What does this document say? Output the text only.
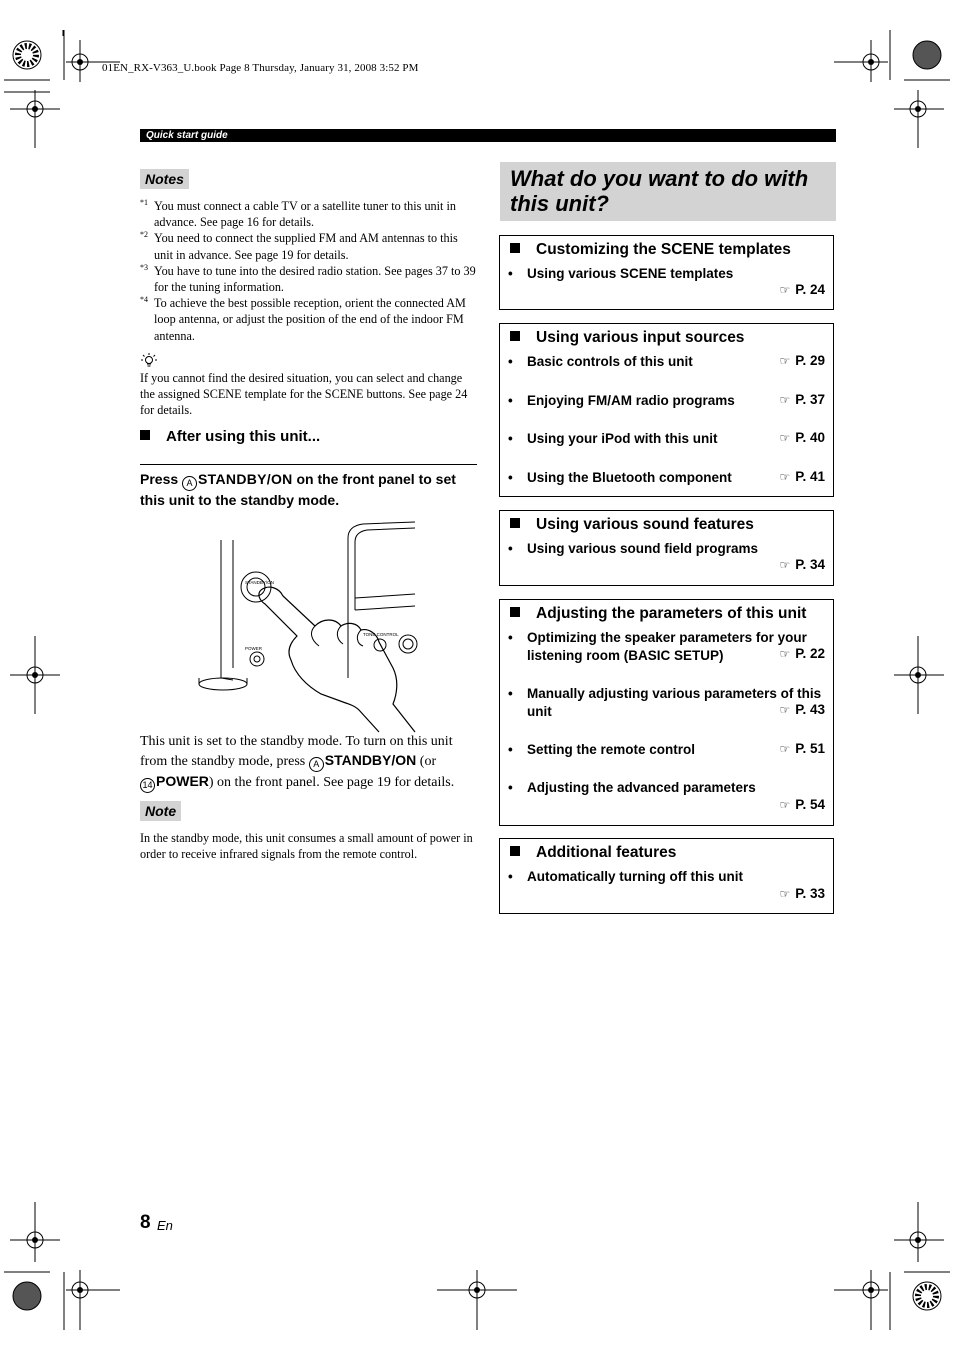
01EN_RX-V363_U.book Page 8 Thursday, January 31, 2008 3:52 PM
Quick start guide
Notes
*1 You must connect a cable TV or a satellite tuner to this unit in advance. See page 16 for details.
*2 You need to connect the supplied FM and AM antennas to this unit in advance. See page 19 for details.
*3 You have to tune into the desired radio station. See pages 37 to 39 for the tuning information.
*4 To achieve the best possible reception, orient the connected AM loop antenna, or adjust the position of the end of the indoor FM antenna.
If you cannot find the desired situation, you can select and change the assigned SCENE template for the SCENE buttons. See page 24 for details.
After using this unit...
Press A STANDBY/ON on the front panel to set this unit to the standby mode.
STANDBY/ON
POWER
TONE CONTROL
This unit is set to the standby mode. To turn on this unit from the standby mode, press A STANDBY/ON (or
14 POWER) on the front panel. See page 19 for details.
Note
In the standby mode, this unit consumes a small amount of power in order to receive infrared signals from the remote control.
What do you want to do with this unit?
Customizing the SCENE templates
• Using various SCENE templates
☞ P. 24
Using various input sources
• Basic controls of this unit	☞ P. 29
• Enjoying FM/AM radio programs	☞ P. 37
• Using your iPod with this unit	☞ P. 40
• Using the Bluetooth component	☞ P. 41
Using various sound features
• Using various sound field programs
☞ P. 34
Adjusting the parameters of this unit
• Optimizing the speaker parameters for your listening room (BASIC SETUP)	☞ P. 22
• Manually adjusting various parameters of this unit	☞ P. 43
• Setting the remote control	☞ P. 51
• Adjusting the advanced parameters
☞ P. 54
Additional features
• Automatically turning off this unit
☞ P. 33
8 En
